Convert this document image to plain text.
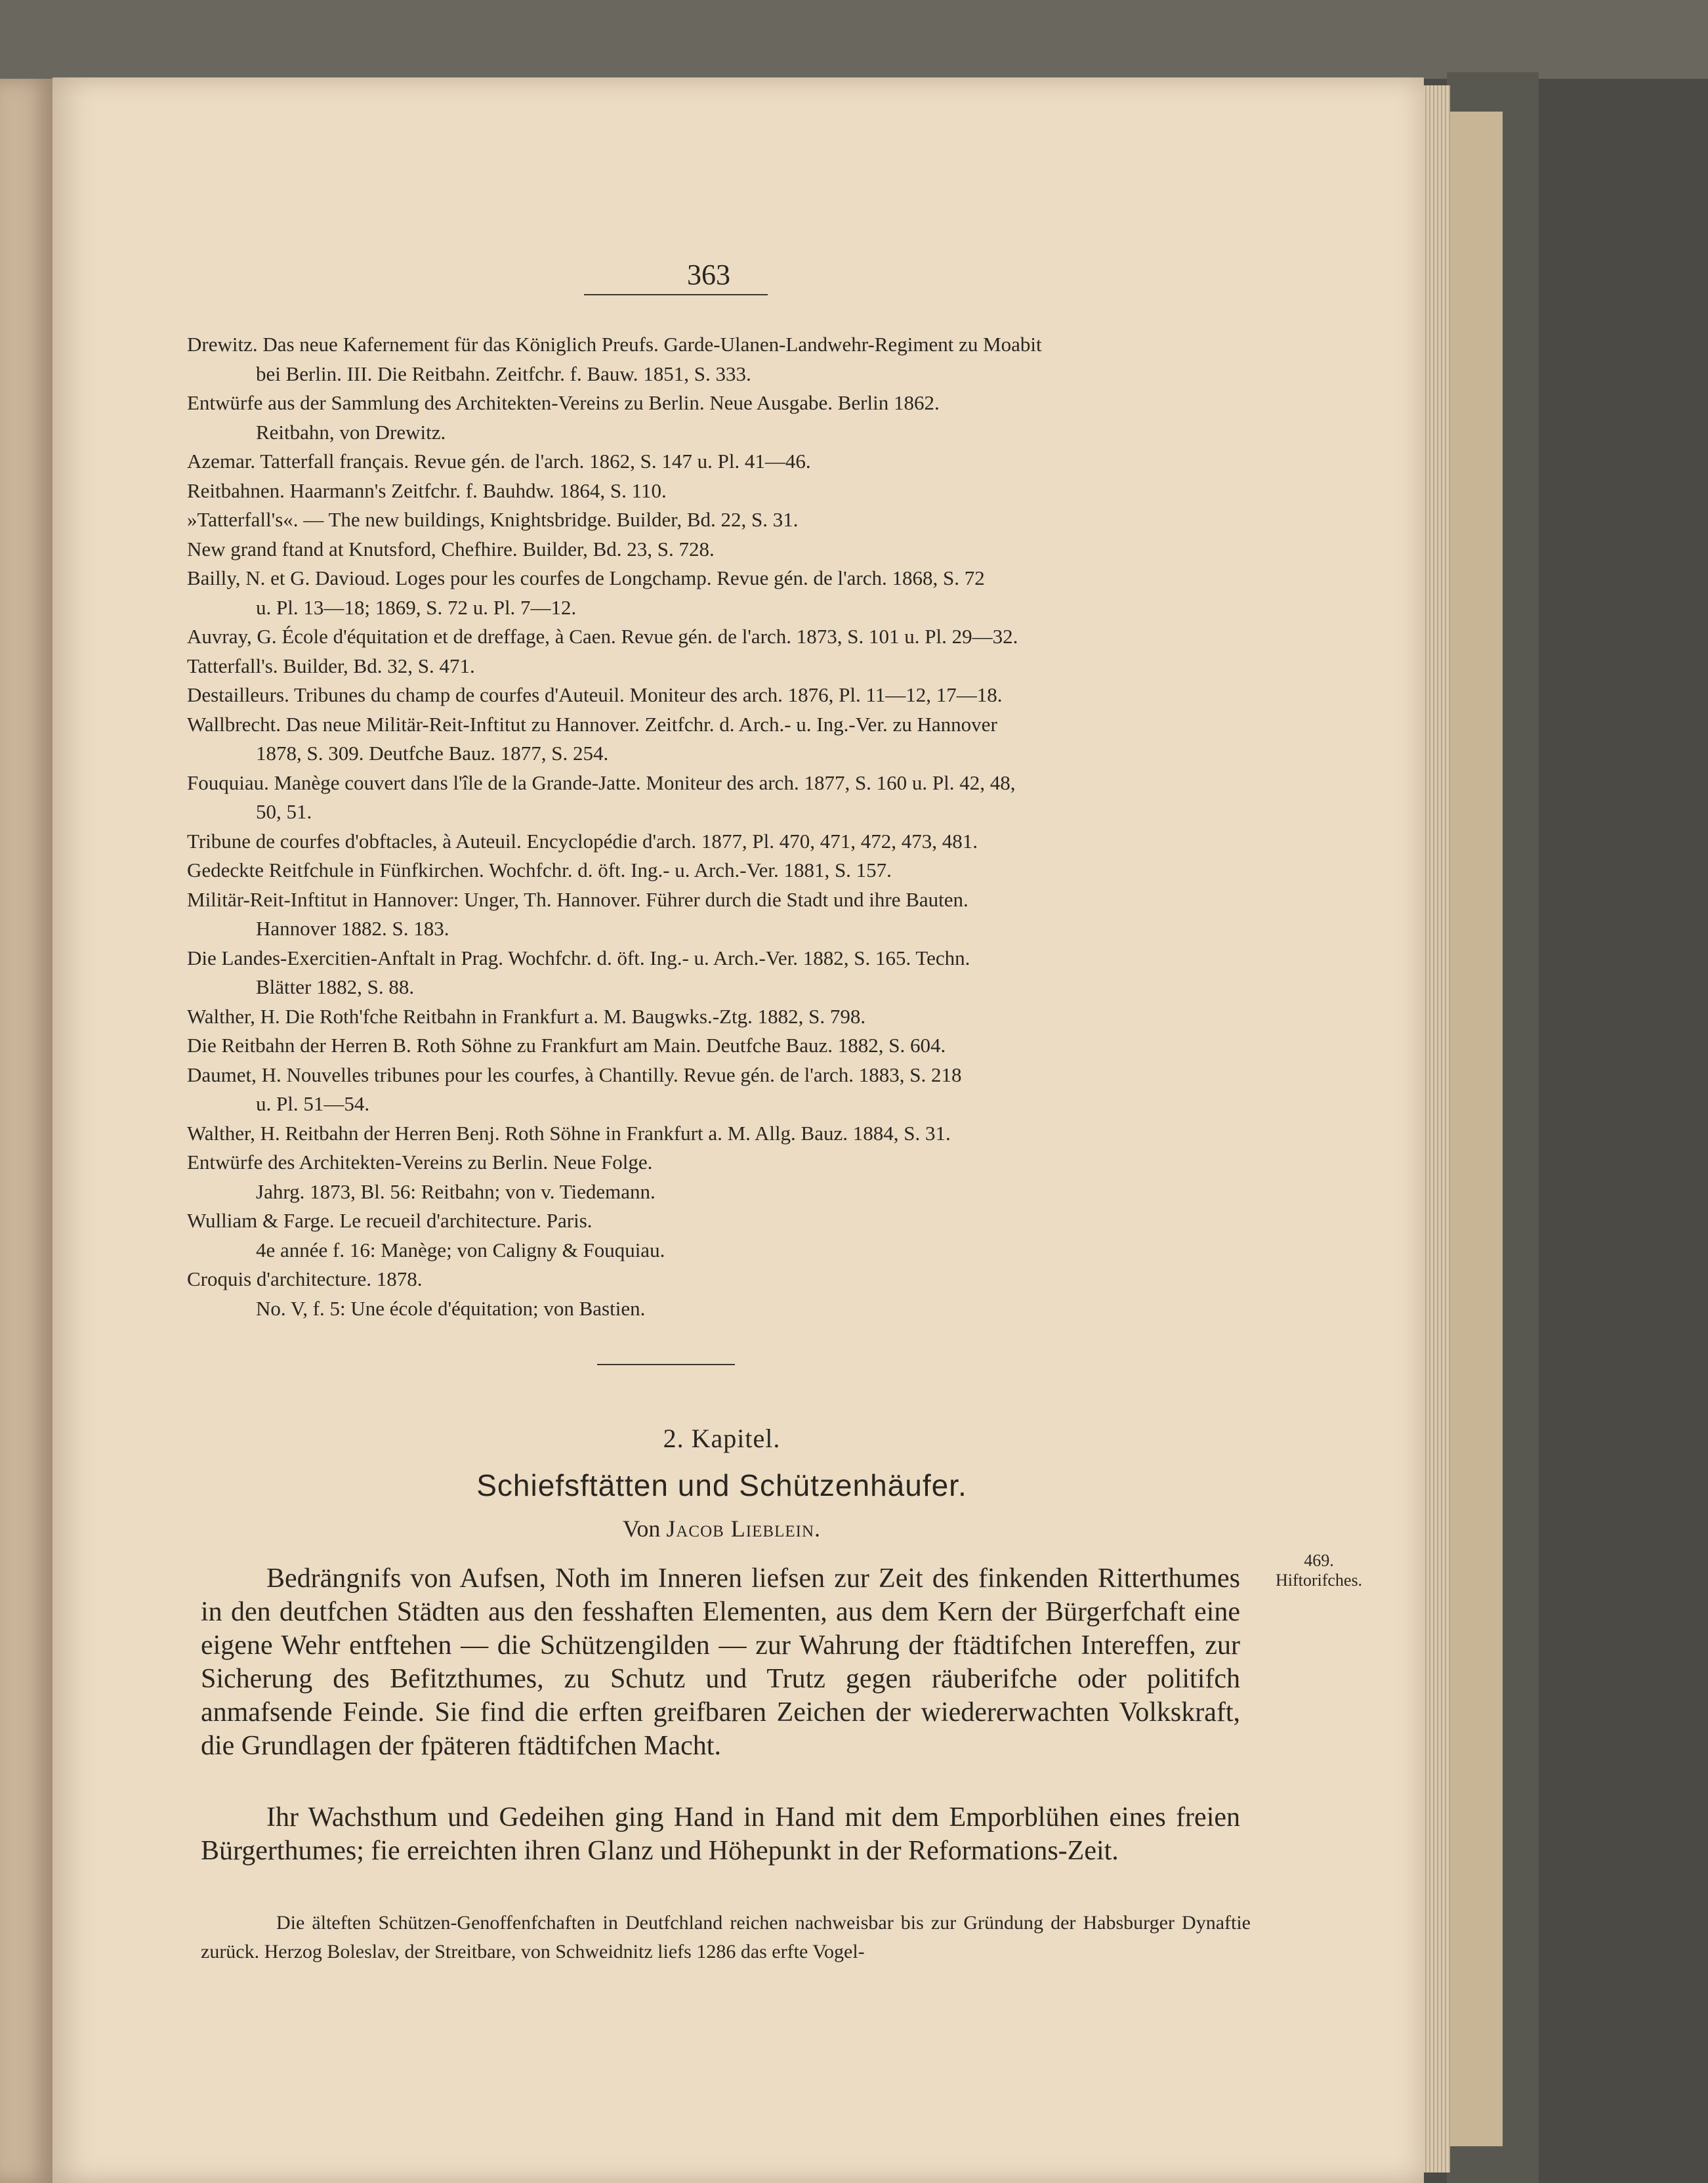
363
Drewitz. Das neue Kafernement für das Königlich Preufs. Garde-Ulanen-Landwehr-Regiment zu Moabit
bei Berlin. III. Die Reitbahn. Zeitfchr. f. Bauw. 1851, S. 333.
Entwürfe aus der Sammlung des Architekten-Vereins zu Berlin. Neue Ausgabe. Berlin 1862.
Reitbahn, von Drewitz.
Azemar. Tatterfall français. Revue gén. de l'arch. 1862, S. 147 u. Pl. 41—46.
Reitbahnen. Haarmann's Zeitfchr. f. Bauhdw. 1864, S. 110.
»Tatterfall's«. — The new buildings, Knightsbridge. Builder, Bd. 22, S. 31.
New grand ftand at Knutsford, Chefhire. Builder, Bd. 23, S. 728.
Bailly, N. et G. Davioud. Loges pour les courfes de Longchamp. Revue gén. de l'arch. 1868, S. 72
u. Pl. 13—18; 1869, S. 72 u. Pl. 7—12.
Auvray, G. École d'équitation et de dreffage, à Caen. Revue gén. de l'arch. 1873, S. 101 u. Pl. 29—32.
Tatterfall's. Builder, Bd. 32, S. 471.
Destailleurs. Tribunes du champ de courfes d'Auteuil. Moniteur des arch. 1876, Pl. 11—12, 17—18.
Wallbrecht. Das neue Militär-Reit-Inftitut zu Hannover. Zeitfchr. d. Arch.- u. Ing.-Ver. zu Hannover
1878, S. 309. Deutfche Bauz. 1877, S. 254.
Fouquiau. Manège couvert dans l'île de la Grande-Jatte. Moniteur des arch. 1877, S. 160 u. Pl. 42, 48,
50, 51.
Tribune de courfes d'obftacles, à Auteuil. Encyclopédie d'arch. 1877, Pl. 470, 471, 472, 473, 481.
Gedeckte Reitfchule in Fünfkirchen. Wochfchr. d. öft. Ing.- u. Arch.-Ver. 1881, S. 157.
Militär-Reit-Inftitut in Hannover: Unger, Th. Hannover. Führer durch die Stadt und ihre Bauten.
Hannover 1882. S. 183.
Die Landes-Exercitien-Anftalt in Prag. Wochfchr. d. öft. Ing.- u. Arch.-Ver. 1882, S. 165. Techn.
Blätter 1882, S. 88.
Walther, H. Die Roth'fche Reitbahn in Frankfurt a. M. Baugwks.-Ztg. 1882, S. 798.
Die Reitbahn der Herren B. Roth Söhne zu Frankfurt am Main. Deutfche Bauz. 1882, S. 604.
Daumet, H. Nouvelles tribunes pour les courfes, à Chantilly. Revue gén. de l'arch. 1883, S. 218
u. Pl. 51—54.
Walther, H. Reitbahn der Herren Benj. Roth Söhne in Frankfurt a. M. Allg. Bauz. 1884, S. 31.
Entwürfe des Architekten-Vereins zu Berlin. Neue Folge.
Jahrg. 1873, Bl. 56: Reitbahn; von v. Tiedemann.
Wulliam & Farge. Le recueil d'architecture. Paris.
4e année f. 16: Manège; von Caligny & Fouquiau.
Croquis d'architecture. 1878.
No. V, f. 5: Une école d'équitation; von Bastien.
2. Kapitel.
Schiefsftätten und Schützenhäufer.
Von Jacob Lieblein.
Bedrängnifs von Aufsen, Noth im Inneren liefsen zur Zeit des finkenden Ritterthumes in den deutfchen Städten aus den fesshaften Elementen, aus dem Kern der Bürgerfchaft eine eigene Wehr entftehen — die Schützengilden — zur Wahrung der ftädtifchen Intereffen, zur Sicherung des Befitzthumes, zu Schutz und Trutz gegen räuberifche oder politifch anmafsende Feinde. Sie find die erften greifbaren Zeichen der wiedererwachten Volkskraft, die Grundlagen der fpäteren ftädtifchen Macht.
Ihr Wachsthum und Gedeihen ging Hand in Hand mit dem Emporblühen eines freien Bürgerthumes; fie erreichten ihren Glanz und Höhepunkt in der Reformations-Zeit.
Die älteften Schützen-Genoffenfchaften in Deutfchland reichen nachweisbar bis zur Gründung der Habsburger Dynaftie zurück. Herzog Boleslav, der Streitbare, von Schweidnitz liefs 1286 das erfte Vogel-
469.
Hiftorifches.
